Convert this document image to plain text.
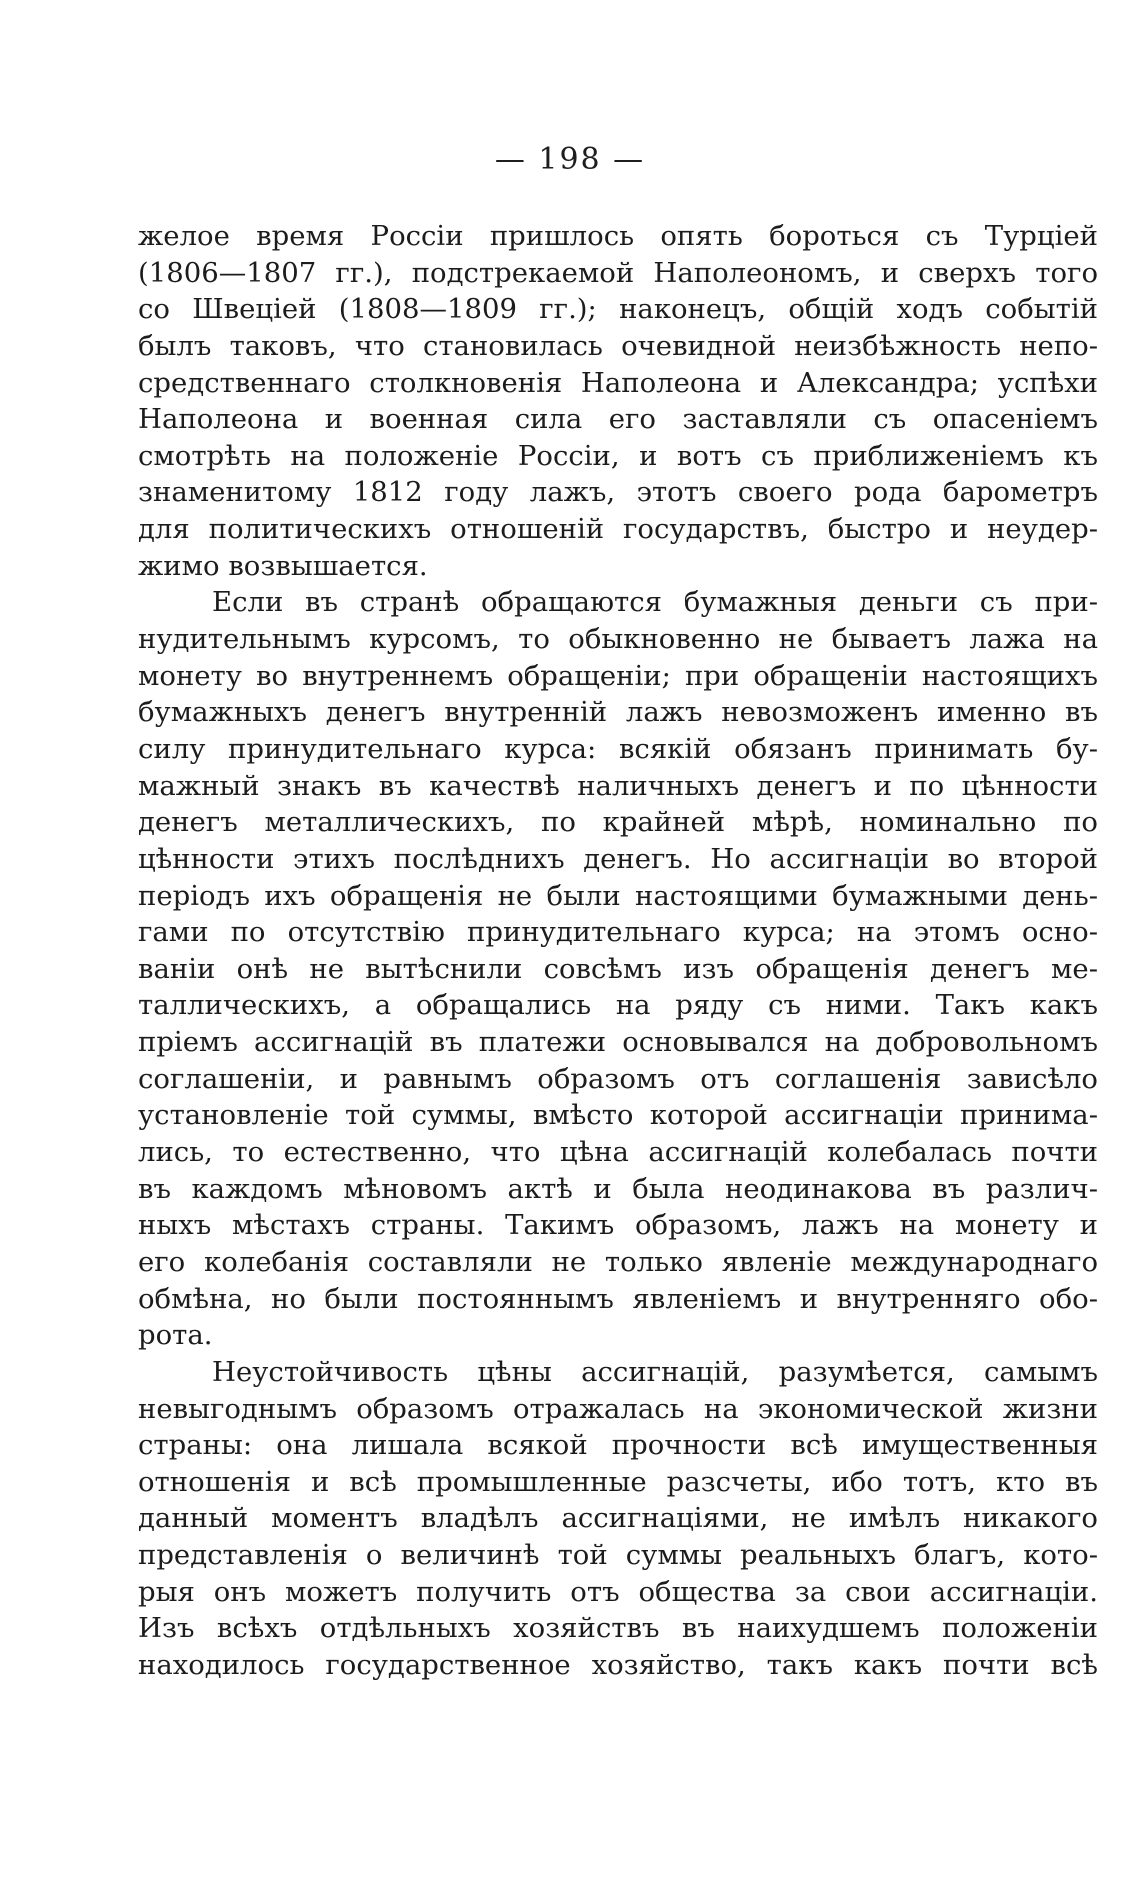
— 198 —
желое время Россіи пришлось опять бороться съ Турціей
(1806—1807 гг.), подстрекаемой Наполеономъ, и сверхъ того
со Швеціей (1808—1809 гг.); наконецъ, общій ходъ событій
былъ таковъ, что становилась очевидной неизбѣжность непо-
средственнаго столкновенія Наполеона и Александра; успѣхи
Наполеона и военная сила его заставляли съ опасеніемъ
смотрѣть на положеніе Россіи, и вотъ съ приближеніемъ къ
знаменитому 1812 году лажъ, этотъ своего рода барометръ
для политическихъ отношеній государствъ, быстро и неудер-
жимо возвышается.
Если въ странѣ обращаются бумажныя деньги съ при-
нудительнымъ курсомъ, то обыкновенно не бываетъ лажа на
монету во внутреннемъ обращеніи; при обращеніи настоящихъ
бумажныхъ денегъ внутренній лажъ невозможенъ именно въ
силу принудительнаго курса: всякій обязанъ принимать бу-
мажный знакъ въ качествѣ наличныхъ денегъ и по цѣнности
денегъ металлическихъ, по крайней мѣрѣ, номинально по
цѣнности этихъ послѣднихъ денегъ. Но ассигнаціи во второй
періодъ ихъ обращенія не были настоящими бумажными день-
гами по отсутствію принудительнаго курса; на этомъ осно-
ваніи онѣ не вытѣснили совсѣмъ изъ обращенія денегъ ме-
таллическихъ, а обращались на ряду съ ними. Такъ какъ
пріемъ ассигнацій въ платежи основывался на добровольномъ
соглашеніи, и равнымъ образомъ отъ соглашенія зависѣло
установленіе той суммы, вмѣсто которой ассигнаціи принима-
лись, то естественно, что цѣна ассигнацій колебалась почти
въ каждомъ мѣновомъ актѣ и была неодинакова въ различ-
ныхъ мѣстахъ страны. Такимъ образомъ, лажъ на монету и
его колебанія составляли не только явленіе международнаго
обмѣна, но были постояннымъ явленіемъ и внутренняго обо-
рота.
Неустойчивость цѣны ассигнацій, разумѣется, самымъ
невыгоднымъ образомъ отражалась на экономической жизни
страны: она лишала всякой прочности всѣ имущественныя
отношенія и всѣ промышленные разсчеты, ибо тотъ, кто въ
данный моментъ владѣлъ ассигнаціями, не имѣлъ никакого
представленія о величинѣ той суммы реальныхъ благъ, кото-
рыя онъ можетъ получить отъ общества за свои ассигнаціи.
Изъ всѣхъ отдѣльныхъ хозяйствъ въ наихудшемъ положеніи
находилось государственное хозяйство, такъ какъ почти всѣ
